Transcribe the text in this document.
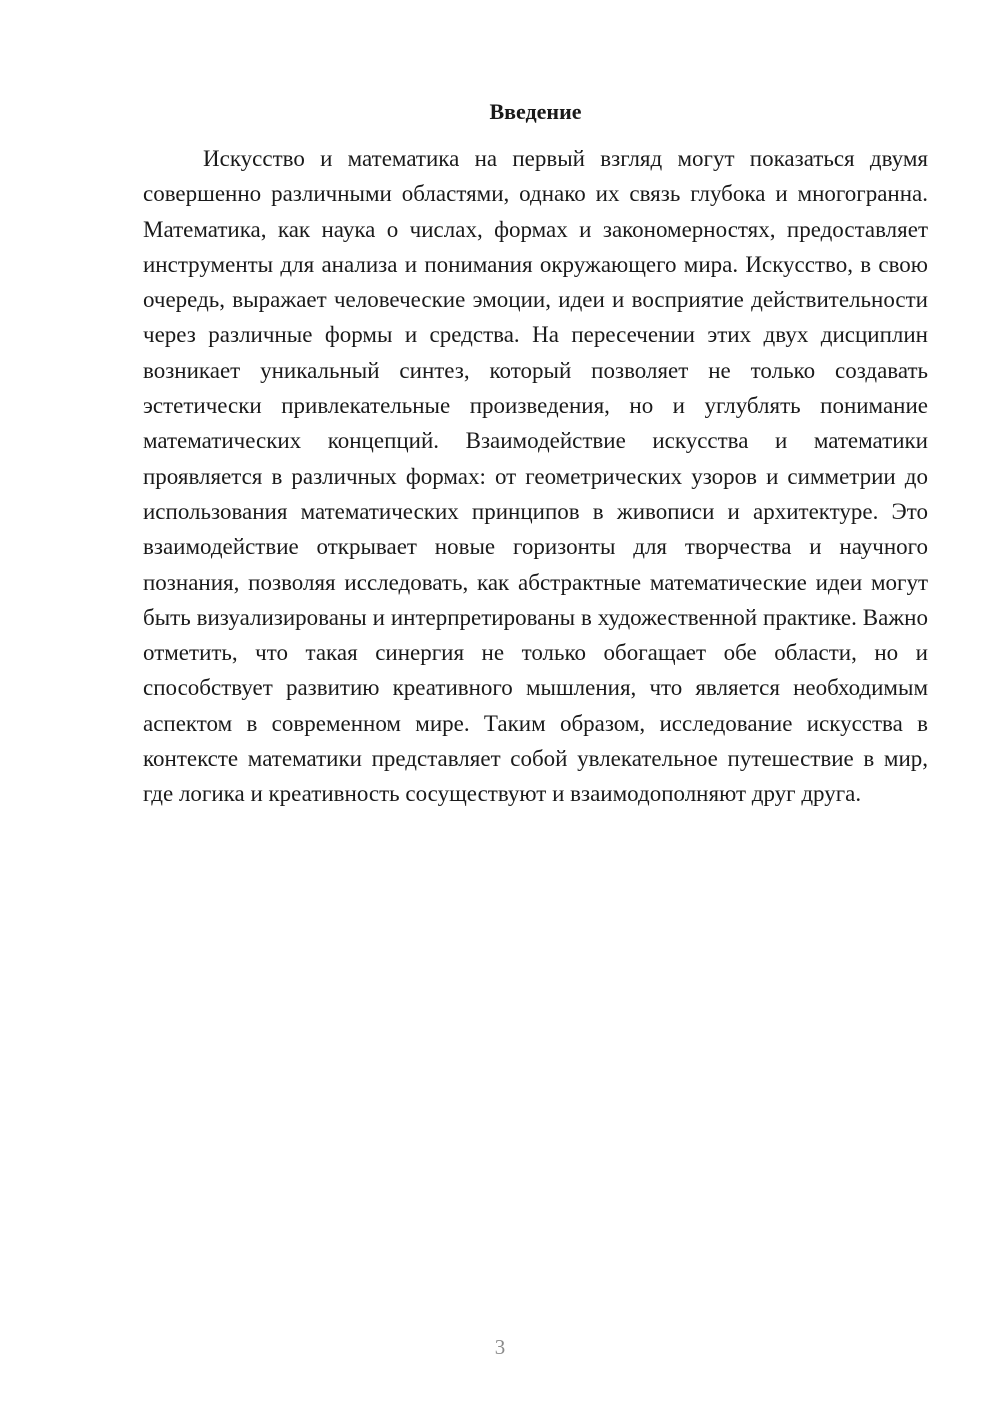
Введение

Искусство и математика на первый взгляд могут показаться двумя совершенно различными областями, однако их связь глубока и многогранна. Математика, как наука о числах, формах и закономерностях, предоставляет инструменты для анализа и понимания окружающего мира. Искусство, в свою очередь, выражает человеческие эмоции, идеи и восприятие действительности через различные формы и средства. На пересечении этих двух дисциплин возникает уникальный синтез, который позволяет не только создавать эстетически привлекательные произведения, но и углублять понимание математических концепций. Взаимодействие искусства и математики проявляется в различных формах: от геометрических узоров и симметрии до использования математических принципов в живописи и архитектуре. Это взаимодействие открывает новые горизонты для творчества и научного познания, позволяя исследовать, как абстрактные математические идеи могут быть визуализированы и интерпретированы в художественной практике. Важно отметить, что такая синергия не только обогащает обе области, но и способствует развитию креативного мышления, что является необходимым аспектом в современном мире. Таким образом, исследование искусства в контексте математики представляет собой увлекательное путешествие в мир, где логика и креативность сосуществуют и взаимодополняют друг друга.

3
